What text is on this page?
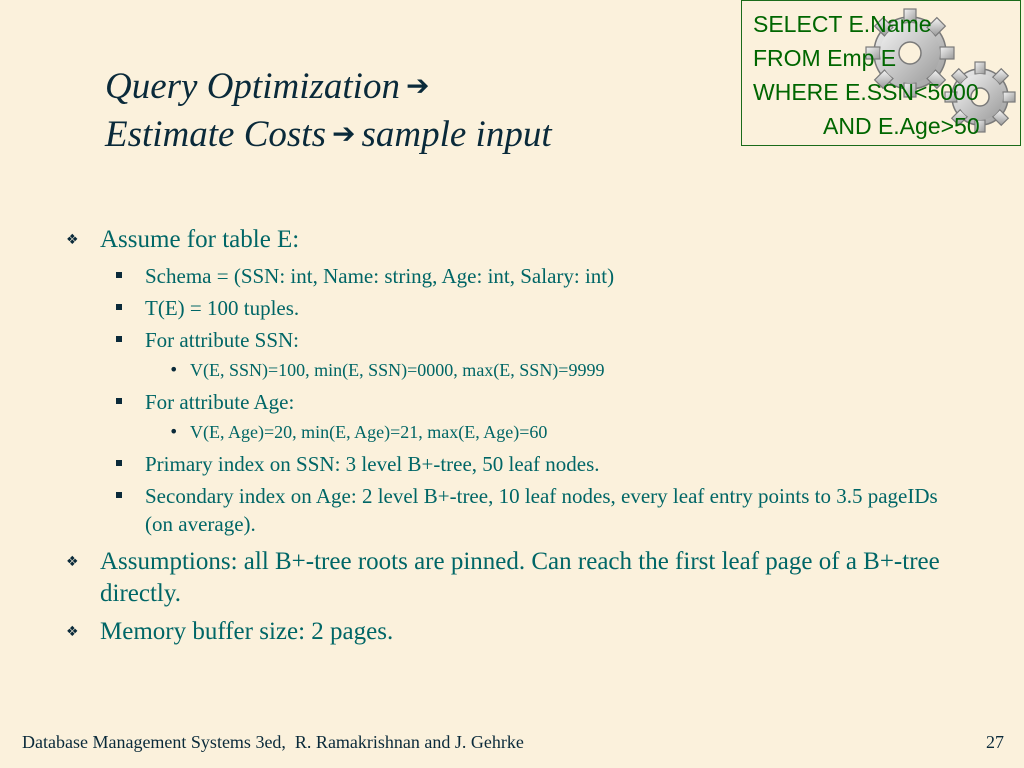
Query Optimization ➔
Estimate Costs ➔ sample input
SELECT E.Name
FROM Emp E
WHERE E.SSN<5000
AND E.Age>50
❖ Assume for table E:
Schema = (SSN: int, Name: string, Age: int, Salary: int)
T(E) = 100 tuples.
For attribute SSN:
• V(E, SSN)=100, min(E, SSN)=0000, max(E, SSN)=9999
For attribute Age:
• V(E, Age)=20, min(E, Age)=21, max(E, Age)=60
Primary index on SSN: 3 level B+-tree, 50 leaf nodes.
Secondary index on Age: 2 level B+-tree, 10 leaf nodes, every leaf entry points to 3.5 pageIDs (on average).
❖ Assumptions: all B+-tree roots are pinned. Can reach the first leaf page of a B+-tree directly.
❖ Memory buffer size: 2 pages.
Database Management Systems 3ed,  R. Ramakrishnan and J. Gehrke	27
